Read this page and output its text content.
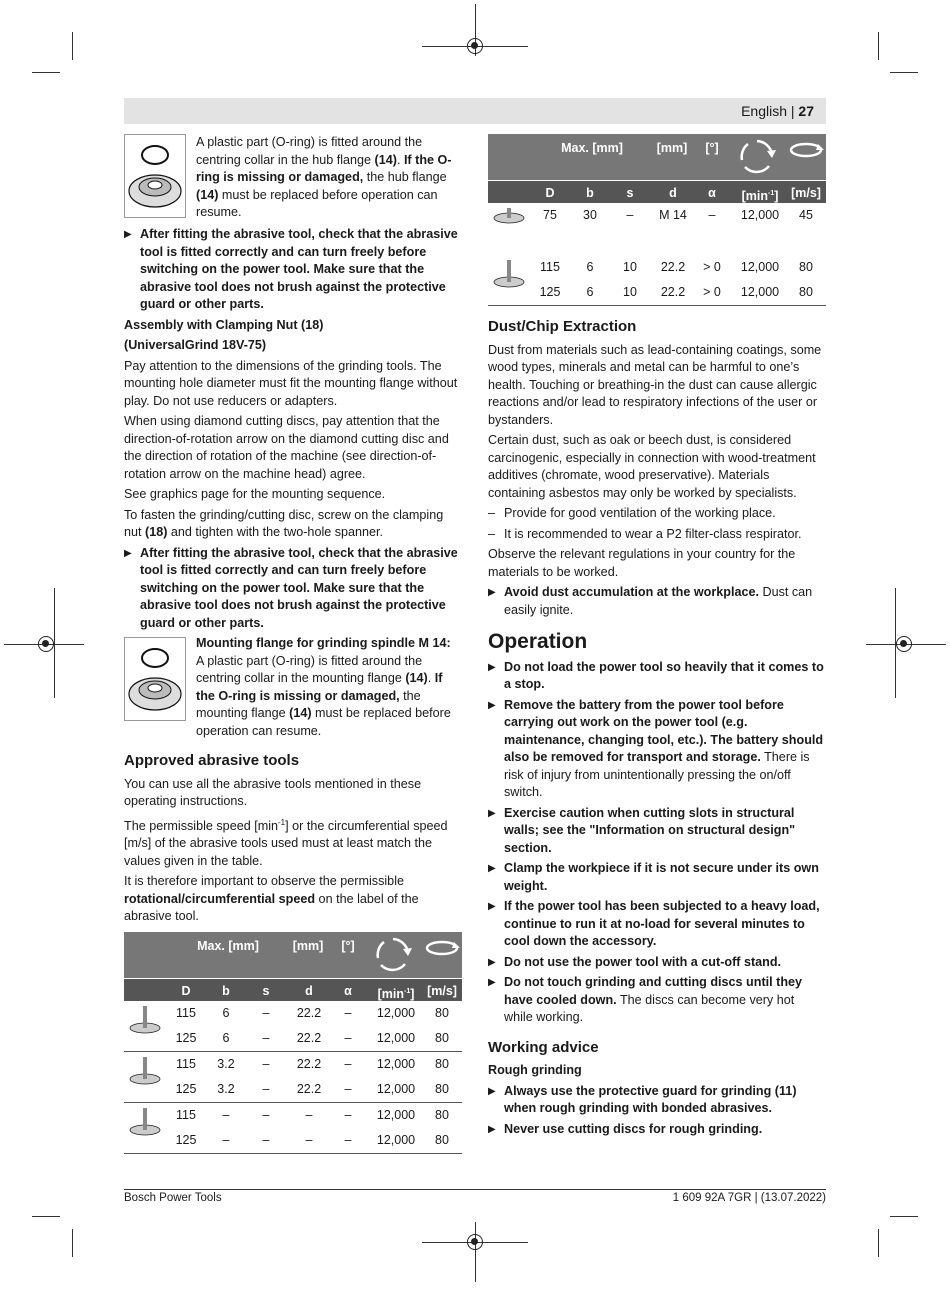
English | 27
A plastic part (O-ring) is fitted around the centring collar in the hub flange (14). If the O-ring is missing or damaged, the hub flange (14) must be replaced before operation can resume.
▶ After fitting the abrasive tool, check that the abrasive tool is fitted correctly and can turn freely before switching on the power tool. Make sure that the abrasive tool does not brush against the protective guard or other parts.
Assembly with Clamping Nut (18)
(UniversalGrind 18V-75)

Pay attention to the dimensions of the grinding tools. The mounting hole diameter must fit the mounting flange without play. Do not use reducers or adapters.

When using diamond cutting discs, pay attention that the direction-of-rotation arrow on the diamond cutting disc and the direction of rotation of the machine (see direction-of-rotation arrow on the machine head) agree.

See graphics page for the mounting sequence.

To fasten the grinding/cutting disc, screw on the clamping nut (18) and tighten with the two-hole spanner.

▶ After fitting the abrasive tool, check that the abrasive tool is fitted correctly and can turn freely before switching on the power tool. Make sure that the abrasive tool does not brush against the protective guard or other parts.
Mounting flange for grinding spindle M 14:
A plastic part (O-ring) is fitted around the centring collar in the mounting flange (14). If the O-ring is missing or damaged, the mounting flange (14) must be replaced before operation can resume.
Approved abrasive tools

You can use all the abrasive tools mentioned in these operating instructions.

The permissible speed $[\min^{-1}]$ or the circumferential speed [m/s] of the abrasive tools used must at least match the values given in the table.

It is therefore important to observe the permissible rotational/circumferential speed on the label of the abrasive tool.

Max. [mm]	[mm]	[°]
D	b	s	d	α	$[\min^{-1}]$	[m/s]
115	6	–	22.2	–	12,000	80
125	6	–	22.2	–	12,000	80
115	3.2	–	22.2	–	12,000	80
125 3.2	–	22.2	–	12,000	80
115	–	–	–	–	12,000	80
125	–	–	–	–	12,000	80
Max. [mm]	[mm]	[°]
D	b	s	d	α	$[\min^{-1}]$	[m/s]
75	30	–	M 14	–	12,000	45
115	6	10	22.2	> 0	12,000	80
125	6	10	22.2	> 0	12,000	80
Dust/Chip Extraction

Dust from materials such as lead-containing coatings, some wood types, minerals and metal can be harmful to one’s health. Touching or breathing-in the dust can cause allergic reactions and/or lead to respiratory infections of the user or bystanders.

Certain dust, such as oak or beech dust, is considered carcinogenic, especially in connection with wood-treatment additives (chromate, wood preservative). Materials containing asbestos may only be worked by specialists.

– Provide for good ventilation of the working place.
– It is recommended to wear a P2 filter-class respirator.

Observe the relevant regulations in your country for the materials to be worked.

▶ Avoid dust accumulation at the workplace. Dust can easily ignite.
Operation
▶ Do not load the power tool so heavily that it comes to a stop.
▶ Remove the battery from the power tool before carrying out work on the power tool (e.g. maintenance, changing tool, etc.). The battery should also be removed for transport and storage. There is risk of injury from unintentionally pressing the on/off switch.
▶ Exercise caution when cutting slots in structural walls; see the "Information on structural design" section.
▶ Clamp the workpiece if it is not secure under its own weight.
▶ If the power tool has been subjected to a heavy load, continue to run it at no-load for several minutes to cool down the accessory.
▶ Do not use the power tool with a cut-off stand.
▶ Do not touch grinding and cutting discs until they have cooled down. The discs can become very hot while working.
Working advice
Rough grinding
▶ Always use the protective guard for grinding (11) when rough grinding with bonded abrasives.
▶ Never use cutting discs for rough grinding.
Bosch Power Tools	1 609 92A 7GR | (13.07.2022)
